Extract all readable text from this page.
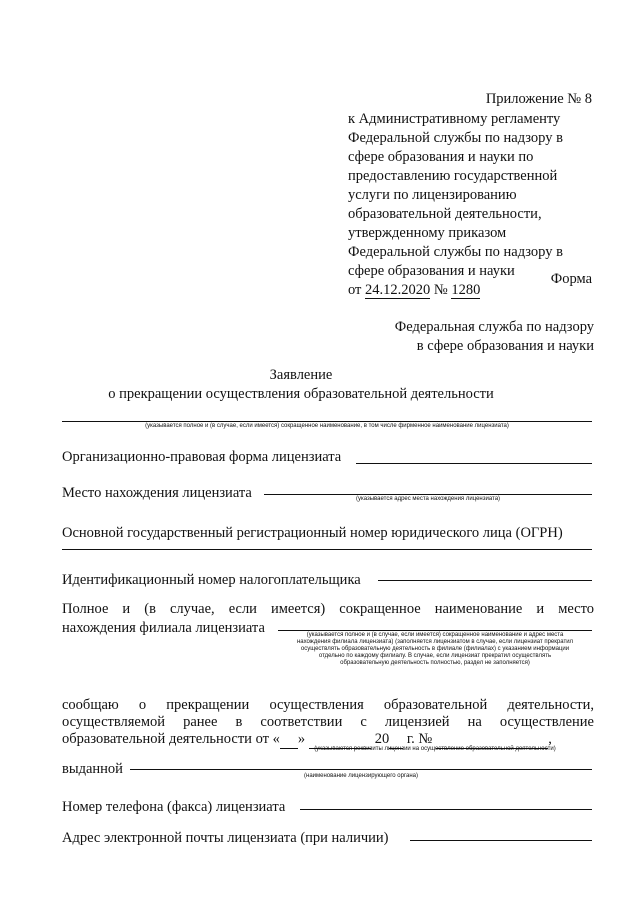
Приложение № 8
к Административному регламенту
Федеральной службы по надзору в
сфере образования и науки по
предоставлению государственной
услуги по лицензированию
образовательной деятельности,
утвержденному приказом
Федеральной службы по надзору в
сфере образования и науки
от 24.12.2020 № 1280
Форма
Федеральная служба по надзору
в сфере образования и науки
Заявление
о прекращении осуществления образовательной деятельности
(указывается полное и (в случае, если имеется) сокращенное наименование, в том числе фирменное наименование лицензиата)
Организационно-правовая форма лицензиата
Место нахождения лицензиата	(указывается адрес места нахождения лицензиата)
Основной государственный регистрационный номер юридического лица (ОГРН)
Идентификационный номер налогоплательщика
Полное и (в случае, если имеется) сокращенное наименование и место
нахождения филиала лицензиата	(указывается полное и (в случае, если имеется) сокращенное наименование и адрес места
нахождения филиала лицензиата) (заполняется лицензиатом в случае, если лицензиат прекратил
осуществлять образовательную деятельность в филиале (филиалах) с указанием информации
отдельно по каждому филиалу. В случае, если лицензиат прекратил осуществлять
образовательную деятельность полностью, раздел не заполняется)
сообщаю о прекращении осуществления образовательной деятельности,
осуществляемой ранее в соответствии с лицензией на осуществление
образовательной деятельности от « »	20 г. №	,
(указываются реквизиты лицензии на осуществление образовательной деятельности)
выданной	(наименование лицензирующего органа)
Номер телефона (факса) лицензиата
Адрес электронной почты лицензиата (при наличии)
